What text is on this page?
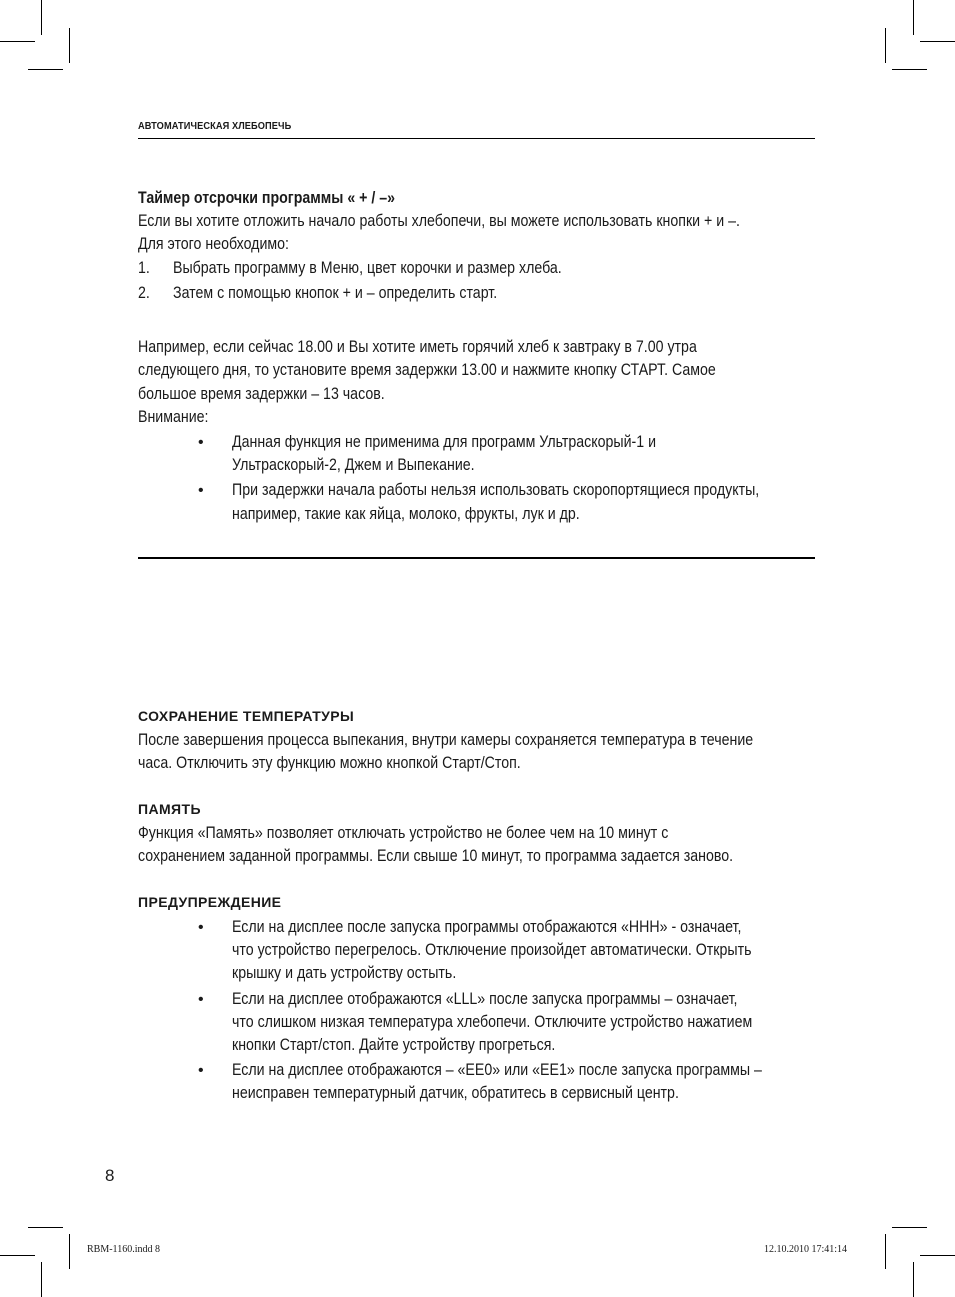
АВТОМАТИЧЕСКАЯ ХЛЕБОПЕЧЬ
Таймер отсрочки программы « + / –»
Если вы хотите отложить начало работы хлебопечи, вы можете использовать кнопки + и –.
Для этого необходимо:
1. Выбрать программу в Меню, цвет корочки и размер хлеба.
2. Затем с помощью кнопок + и – определить старт.
Например, если сейчас 18.00 и Вы хотите иметь горячий хлеб к завтраку в 7.00 утра
следующего дня, то установите время задержки 13.00 и нажмите кнопку СТАРТ. Самое
большое время задержки – 13 часов.
Внимание:
• Данная функция не применима для программ Ультраскорый-1 и
Ультраскорый-2, Джем и Выпекание.
• При задержки начала работы нельзя использовать скоропортящиеся продукты,
например, такие как яйца, молоко, фрукты, лук и др.
СОХРАНЕНИЕ ТЕМПЕРАТУРЫ
После завершения процесса выпекания, внутри камеры сохраняется температура в течение
часа. Отключить эту функцию можно кнопкой Старт/Стоп.
ПАМЯТЬ
Функция «Память» позволяет отключать устройство не более чем на 10 минут с
сохранением заданной программы. Если свыше 10 минут, то программа задается заново.
ПРЕДУПРЕЖДЕНИЕ
• Если на дисплее после запуска программы отображаются «ННН» - означает,
что устройство перегрелось. Отключение произойдет автоматически. Открыть
крышку и дать устройству остыть.
• Если на дисплее отображаются «LLL» после запуска программы – означает,
что слишком низкая температура хлебопечи. Отключите устройство нажатием
кнопки Старт/стоп. Дайте устройству прогреться.
• Если на дисплее отображаются – «ЕЕ0» или «ЕЕ1» после запуска программы –
неисправен температурный датчик, обратитесь в сервисный центр.
8
RBM-1160.indd 8	12.10.2010 17:41:14
